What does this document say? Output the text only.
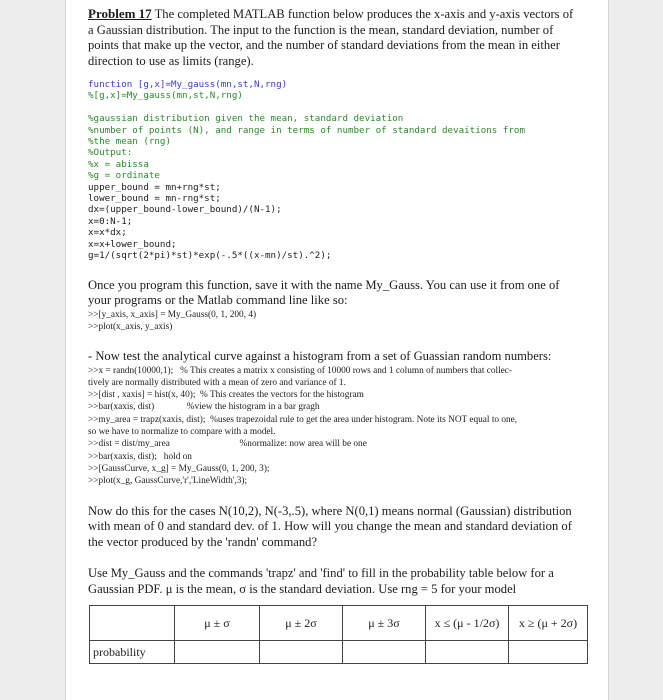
Problem 17 The completed MATLAB function below produces the x-axis and y-axis vectors of a Gaussian distribution. The input to the function is the mean, standard deviation, number of points that make up the vector, and the number of standard deviations from the mean in either direction to use as limits (range).
function [g,x]=My_gauss(mn,st,N,rng)
%[g,x]=My_gauss(mn,st,N,rng)

%gaussian distribution given the mean, standard deviation
%number of points (N), and range in terms of number of standard devaitions from
%the mean (rng)
%Output:
%x = abissa
%g = ordinate
upper_bound = mn+rng*st;
lower_bound = mn-rng*st;
dx=(upper_bound-lower_bound)/(N-1);
x=0:N-1;
x=x*dx;
x=x+lower_bound;
g=1/(sqrt(2*pi)*st)*exp(-.5*((x-mn)/st).^2);
Once you program this function, save it with the name My_Gauss. You can use it from one of your programs or the Matlab command line like so:
>>[y_axis, x_axis] = My_Gauss(0, 1, 200, 4)
>>plot(x_axis, y_axis)
- Now test the analytical curve against a histogram from a set of Guassian random numbers:
>>x = randn(10000,1);   % This creates a matrix x consisting of 10000 rows and 1 column of numbers that collec-
tively are normally distributed with a mean of zero and variance of 1.
>>[dist , xaxis] = hist(x, 40);  % This creates the vectors for the histogram
>>bar(xaxis, dist)              %view the histogram in a bar gragh
>>my_area = trapz(xaxis, dist);  %uses trapezoidal rule to get the area under histogram. Note its NOT equal to one,
so we have to normalize to compare with a model.
>>dist = dist/my_area                              %normalize: now area will be one
>>bar(xaxis, dist);   hold on
>>[GaussCurve, x_g] = My_Gauss(0, 1, 200, 3);
>>plot(x_g, GaussCurve,'r','LineWidth',3);
Now do this for the cases N(10,2), N(-3,.5), where N(0,1) means normal (Gaussian) distribution with mean of 0 and standard dev. of 1. How will you change the mean and standard deviation of the vector produced by the 'randn' command?
Use My_Gauss and the commands 'trapz' and 'find' to fill in the probability table below for a Gaussian PDF. μ is the mean, σ is the standard deviation. Use rng = 5 for your model
	μ ± σ	μ ± 2σ	μ ± 3σ	x ≤ (μ - 1/2σ)	x ≥ (μ + 2σ)
probability					
